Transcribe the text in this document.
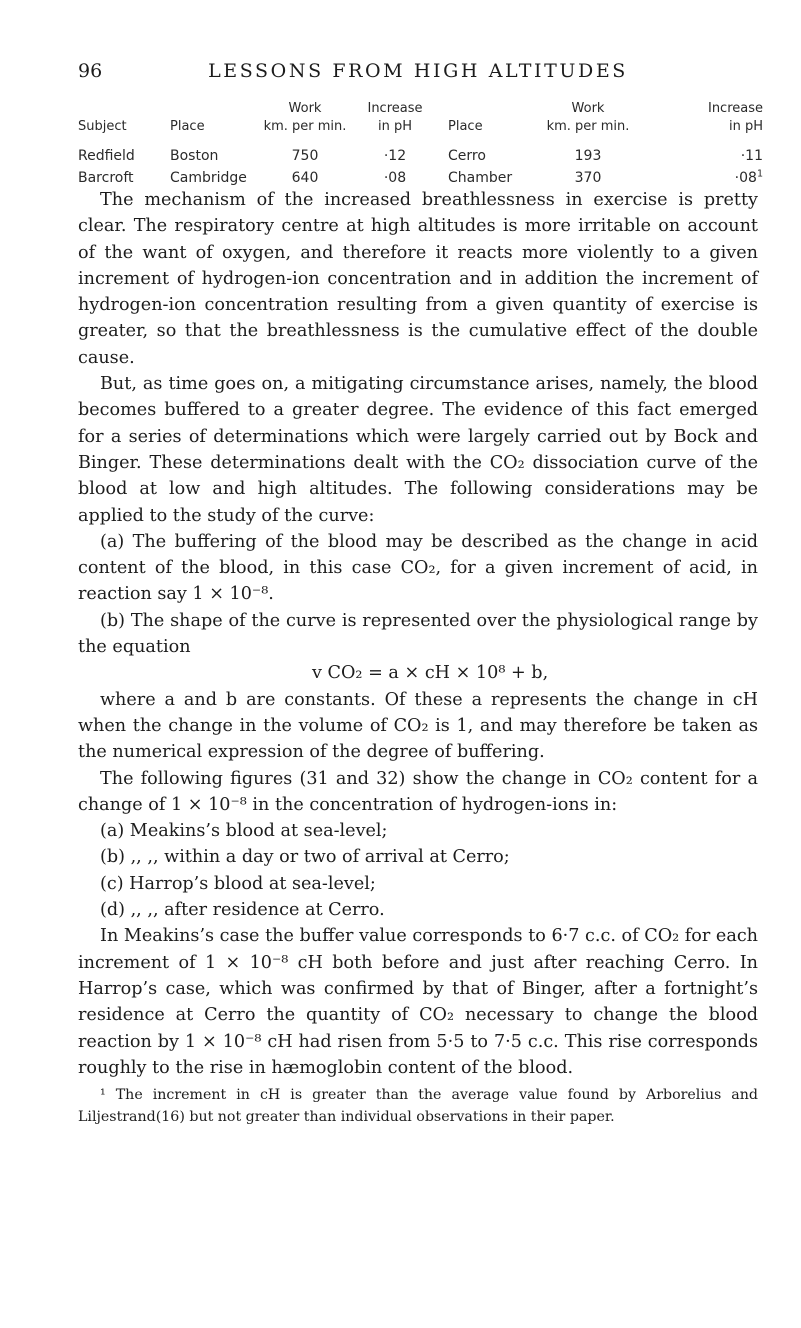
96	LESSONS FROM HIGH ALTITUDES
		Work	Increase		Work	Increase
Subject	Place	km. per min.	in pH	Place	km. per min.	in pH

Redfield	Boston	750	·12	Cerro	193	·11
Barcroft	Cambridge	640	·08	Chamber	370	$\cdot 08^1$

The mechanism of the increased breathlessness in exercise is pretty clear. The respiratory centre at high altitudes is more irritable on account of the want of oxygen, and therefore it reacts more violently to a given increment of hydrogen-ion concentration and in addition the increment of hydrogen-ion concentration resulting from a given quantity of exercise is greater, so that the breathlessness is the cumulative effect of the double cause.

But, as time goes on, a mitigating circumstance arises, namely, the blood becomes buffered to a greater degree. The evidence of this fact emerged for a series of determinations which were largely carried out by Bock and Binger. These determinations dealt with the CO₂ dissociation curve of the blood at low and high altitudes. The following considerations may be applied to the study of the curve:

(a) The buffering of the blood may be described as the change in acid content of the blood, in this case CO₂, for a given increment of acid, in reaction say 1 × 10⁻⁸.

(b) The shape of the curve is represented over the physiological range by the equation

v CO₂ = a × cH × 10⁸ + b,

where a and b are constants. Of these a represents the change in cH when the change in the volume of CO₂ is 1, and may therefore be taken as the numerical expression of the degree of buffering.

The following figures (31 and 32) show the change in CO₂ content for a change of 1 × 10⁻⁸ in the concentration of hydrogen-ions in:

(a) Meakins’s blood at sea-level;

(b) ,, ,, within a day or two of arrival at Cerro;

(c) Harrop’s blood at sea-level;

(d) ,, ,, after residence at Cerro.

In Meakins’s case the buffer value corresponds to 6·7 c.c. of CO₂ for each increment of 1 × 10⁻⁸ cH both before and just after reaching Cerro. In Harrop’s case, which was confirmed by that of Binger, after a fortnight’s residence at Cerro the quantity of CO₂ necessary to change the blood reaction by 1 × 10⁻⁸ cH had risen from 5·5 to 7·5 c.c. This rise corresponds roughly to the rise in hæmoglobin content of the blood.

¹ The increment in cH is greater than the average value found by Arborelius and Liljestrand(16) but not greater than individual observations in their paper.
